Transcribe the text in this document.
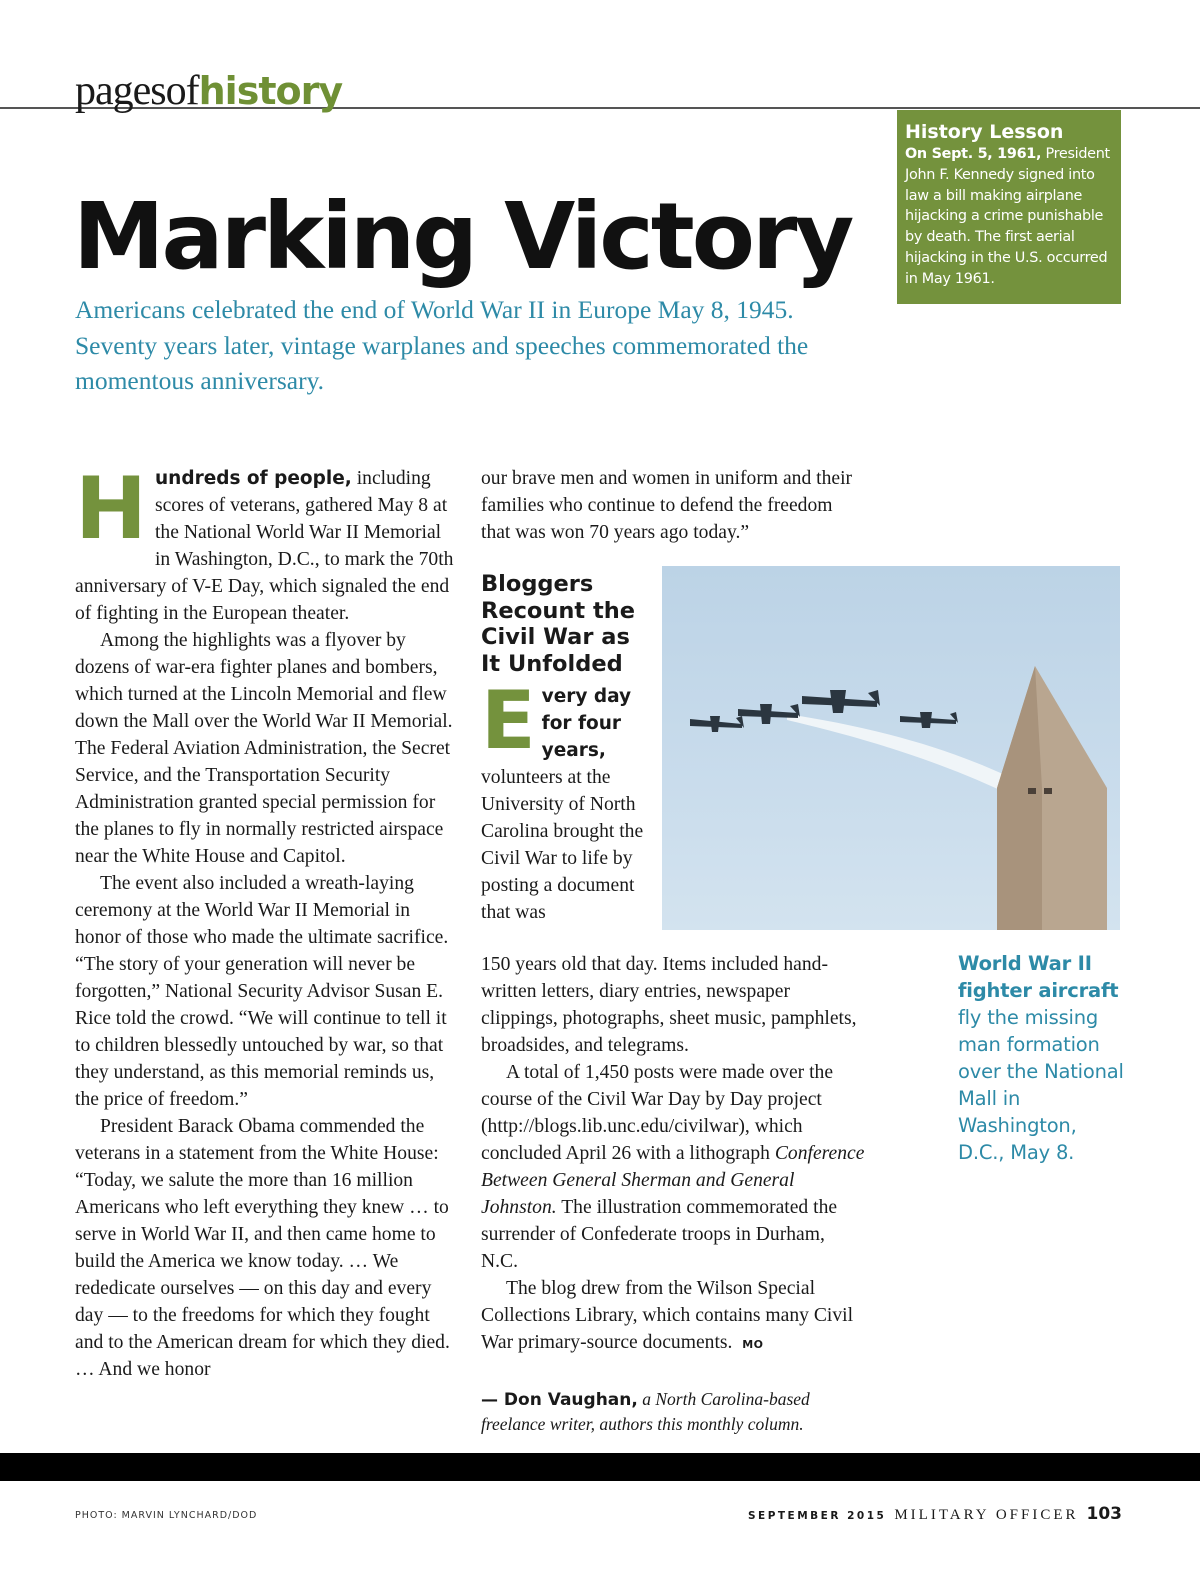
pagesofhistory
History Lesson
On Sept. 5, 1961, President John F. Kennedy signed into law a bill making airplane hijacking a crime punishable by death. The first aerial hijacking in the U.S. occurred in May 1961.
Marking Victory
Americans celebrated the end of World War II in Europe May 8, 1945. Seventy years later, vintage warplanes and speeches commemorated the momentous anniversary.

Hundreds of people, including scores of veterans, gathered May 8 at the National World War II Memorial in Washington, D.C., to mark the 70th anniversary of V-E Day, which signaled the end of fighting in the European theater.

Among the highlights was a flyover by dozens of war-era fighter planes and bombers, which turned at the Lincoln Memorial and flew down the Mall over the World War II Memorial. The Federal Aviation Administration, the Secret Service, and the Transportation Security Administration granted special permission for the planes to fly in normally restricted airspace near the White House and Capitol.

The event also included a wreath-laying ceremony at the World War II Memorial in honor of those who made the ultimate sacrifice. “The story of your generation will never be forgotten,” National Security Advisor Susan E. Rice told the crowd. “We will continue to tell it to children blessedly untouched by war, so that they understand, as this memorial reminds us, the price of freedom.”

President Barack Obama commended the veterans in a statement from the White House: “Today, we salute the more than 16 million Americans who left everything they knew … to serve in World War II, and then came home to build the America we know today. … We rededicate ourselves — on this day and every day — to the freedoms for which they fought and to the American dream for which they died. … And we honor

our brave men and women in uniform and their families who continue to defend the freedom that was won 70 years ago today.”

Bloggers Recount the Civil War as It Unfolded

Every day for four years, volunteers at the University of North Carolina brought the Civil War to life by posting a document that was

150 years old that day. Items included hand-written letters, diary entries, newspaper clippings, photographs, sheet music, pamphlets, broadsides, and telegrams.

A total of 1,450 posts were made over the course of the Civil War Day by Day project (http://blogs.lib.unc.edu/civilwar), which concluded April 26 with a lithograph Conference Between General Sherman and General Johnston. The illustration commemorated the surrender of Confederate troops in Durham, N.C.

The blog drew from the Wilson Special Collections Library, which contains many Civil War primary-source documents. MO

— Don Vaughan, a North Carolina-based freelance writer, authors this monthly column.
World War II fighter aircraft fly the missing man formation over the National Mall in Washington, D.C., May 8.
PHOTO: MARVIN LYNCHARD/DOD	SEPTEMBER 2015 MILITARY OFFICER 103
